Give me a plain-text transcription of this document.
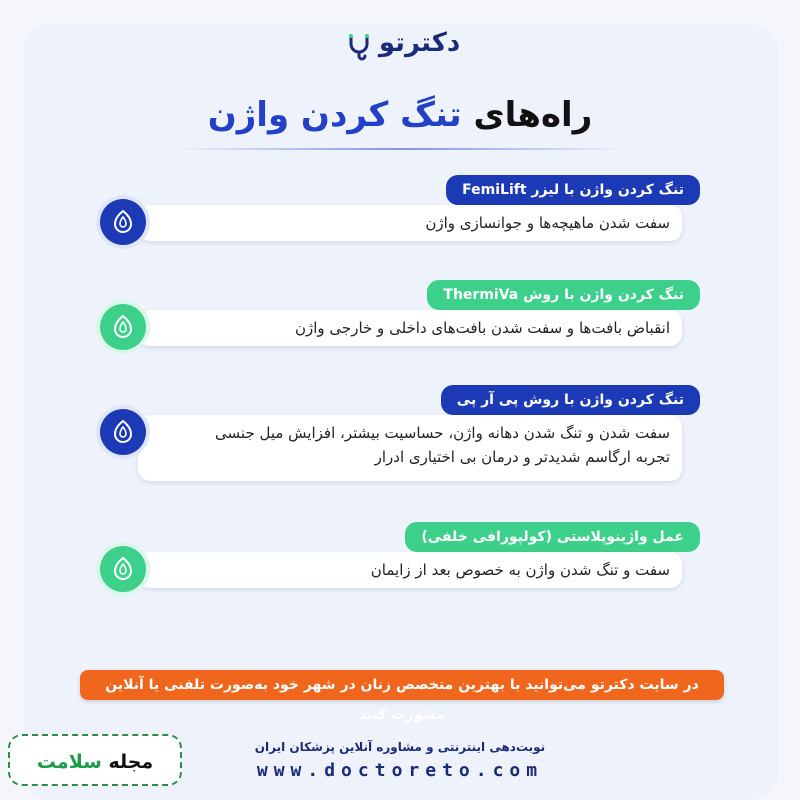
دکترتو
راه‌های تنگ کردن واژن
تنگ کردن واژن با لیزر FemiLift
سفت شدن ماهیچه‌ها و جوانسازی واژن
تنگ کردن واژن با روش ThermiVa
انقباض بافت‌ها و سفت شدن بافت‌های داخلی و خارجی واژن
تنگ کردن واژن با روش پی آر پی
سفت شدن و تنگ شدن دهانه واژن، حساسیت بیشتر، افزایش میل جنسی
تجربه ارگاسم شدیدتر و درمان بی اختیاری ادرار
عمل واژینوپلاستی (کولپورافی خلفی)
سفت و تنگ شدن واژن به خصوص بعد از زایمان
در سایت دکترتو می‌توانید با بهترین متخصص زنان در شهر خود به‌صورت تلفنی یا آنلاین مشورت کنید
نوبت‌دهی اینترنتی و مشاوره آنلاین پزشکان ایران
www.doctoreto.com
مجله سلامت
